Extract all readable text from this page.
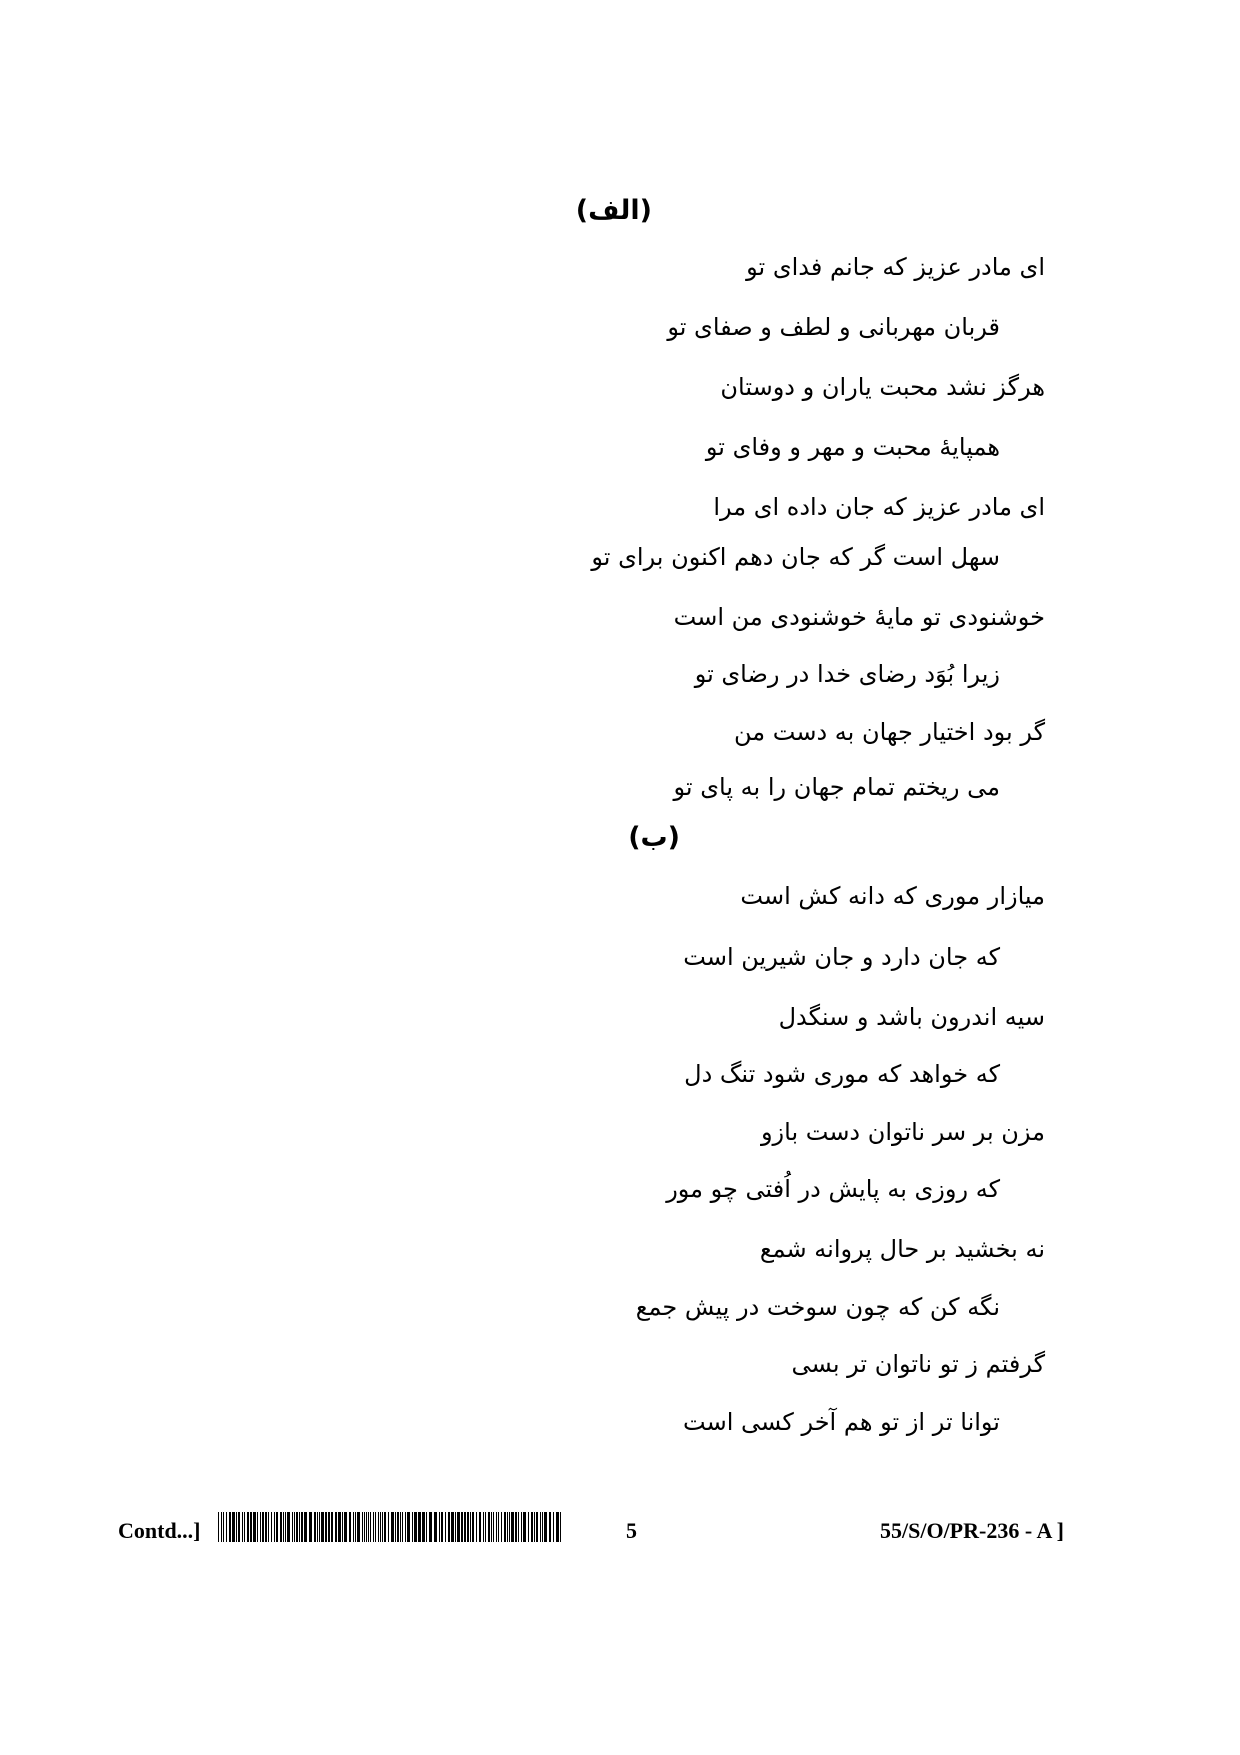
(الف)
ای مادر عزیز که جانم فدای تو
قربان مهربانی و لطف و صفای تو
هرگز نشد محبت یاران و دوستان
همپایهٔ محبت و مهر و وفای تو
ای مادر عزیز که جان داده ای مرا
سهل است گر که جان دهم اکنون برای تو
خوشنودی تو مایهٔ خوشنودی من است
زیرا بُوَد رضای خدا در رضای تو
گر بود اختیار جهان به دست من
می ریختم تمام جهان را به پای تو
(ب)
میازار موری که دانه کش است
که جان دارد و جان شیرین است
سیه اندرون باشد و سنگدل
که خواهد که موری شود تنگ دل
مزن بر سر ناتوان دست بازو
که روزی به پایش در اُفتی چو مور
نه بخشید بر حال پروانه شمع
نگه کن که چون سوخت در پیش جمع
گرفتم ز تو ناتوان تر بسی
توانا تر از تو هم آخر کسی است
Contd...]	5	55/S/O/PR-236 - A ]
